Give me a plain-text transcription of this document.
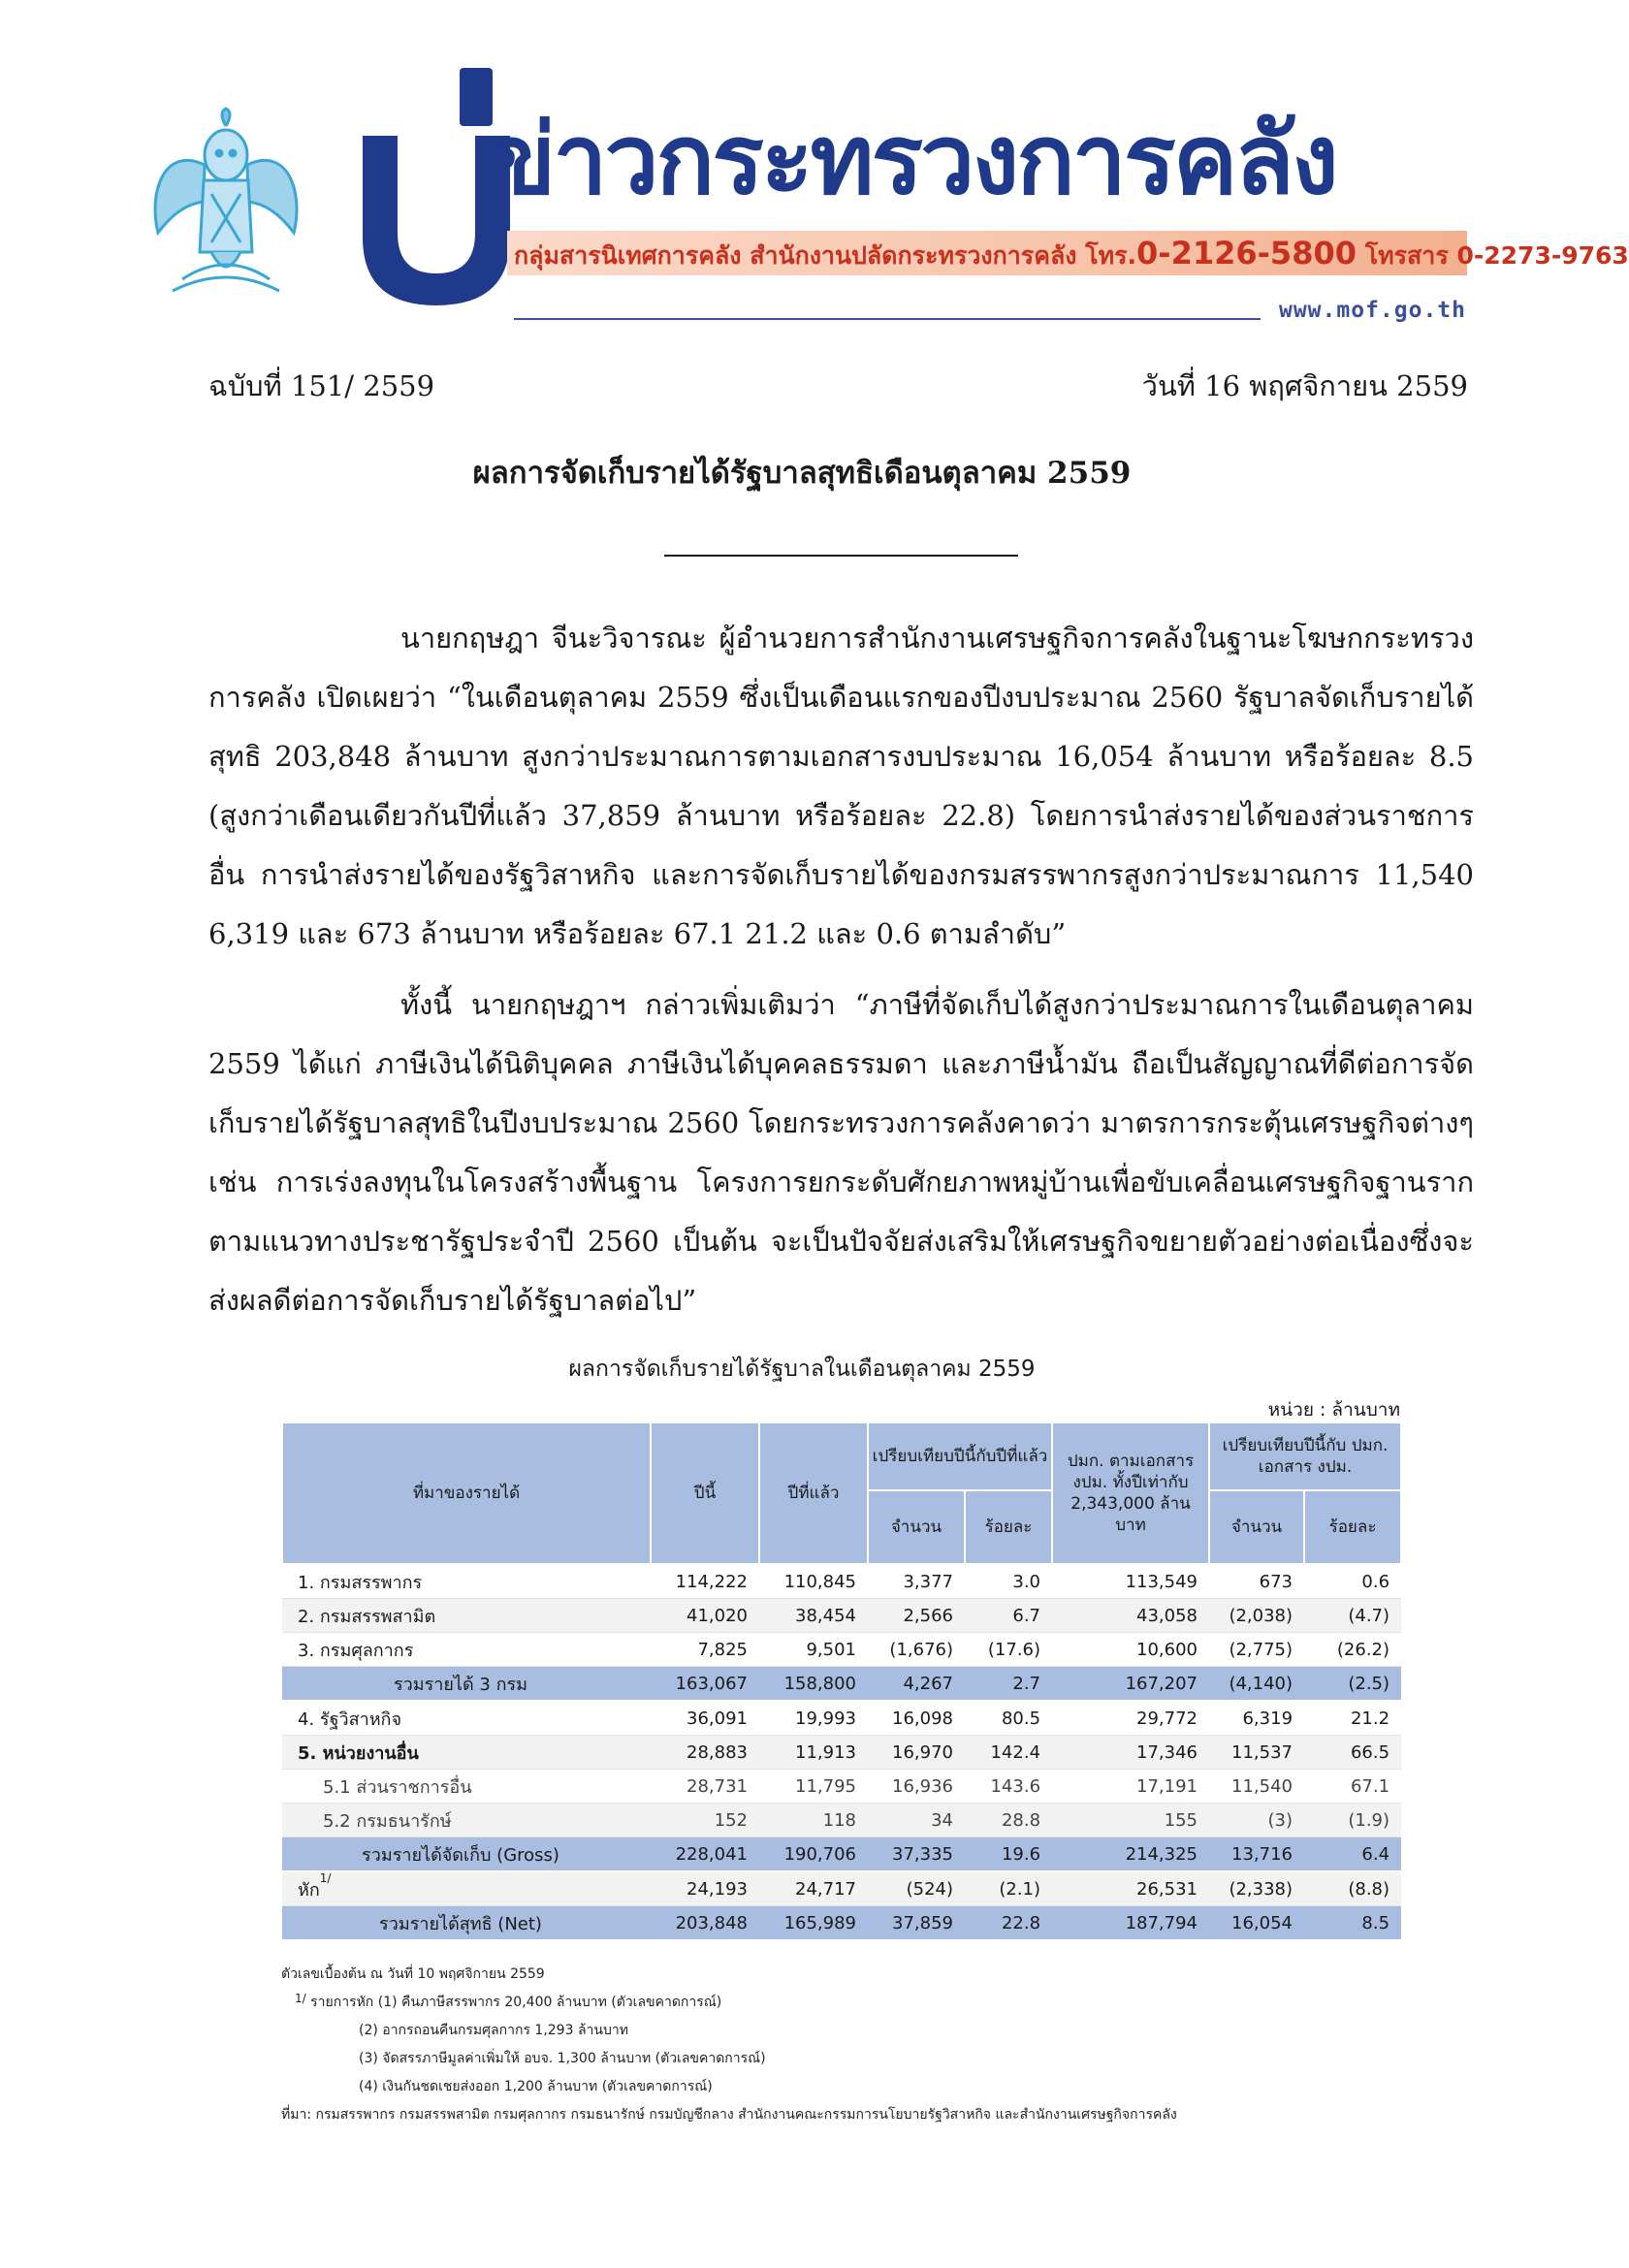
ข่าวกระทรวงการคลัง
กลุ่มสารนิเทศการคลัง สำนักงานปลัดกระทรวงการคลัง โทร.0-2126-5800 โทรสาร 0-2273-9763
www.mof.go.th
ฉบับที่ 151/ 2559	วันที่ 16 พฤศจิกายน 2559
ผลการจัดเก็บรายได้รัฐบาลสุทธิเดือนตุลาคม 2559

นายกฤษฎา จีนะวิจารณะ ผู้อำนวยการสำนักงานเศรษฐกิจการคลังในฐานะโฆษกกระทรวงการคลัง เปิดเผยว่า “ในเดือนตุลาคม 2559 ซึ่งเป็นเดือนแรกของปีงบประมาณ 2560 รัฐบาลจัดเก็บรายได้สุทธิ 203,848 ล้านบาท สูงกว่าประมาณการตามเอกสารงบประมาณ 16,054 ล้านบาท หรือร้อยละ 8.5 (สูงกว่าเดือนเดียวกันปีที่แล้ว 37,859 ล้านบาท หรือร้อยละ 22.8) โดยการนำส่งรายได้ของส่วนราชการอื่น การนำส่งรายได้ของรัฐวิสาหกิจ และการจัดเก็บรายได้ของกรมสรรพากรสูงกว่าประมาณการ 11,540 6,319 และ 673 ล้านบาท หรือร้อยละ 67.1 21.2 และ 0.6 ตามลำดับ”

ทั้งนี้ นายกฤษฎาฯ กล่าวเพิ่มเติมว่า “ภาษีที่จัดเก็บได้สูงกว่าประมาณการในเดือนตุลาคม 2559 ได้แก่ ภาษีเงินได้นิติบุคคล ภาษีเงินได้บุคคลธรรมดา และภาษีน้ำมัน ถือเป็นสัญญาณที่ดีต่อการจัดเก็บรายได้รัฐบาลสุทธิในปีงบประมาณ 2560 โดยกระทรวงการคลังคาดว่า มาตรการกระตุ้นเศรษฐกิจต่างๆ เช่น การเร่งลงทุนในโครงสร้างพื้นฐาน โครงการยกระดับศักยภาพหมู่บ้านเพื่อขับเคลื่อนเศรษฐกิจฐานรากตามแนวทางประชารัฐประจำปี 2560 เป็นต้น จะเป็นปัจจัยส่งเสริมให้เศรษฐกิจขยายตัวอย่างต่อเนื่องซึ่งจะส่งผลดีต่อการจัดเก็บรายได้รัฐบาลต่อไป”

ผลการจัดเก็บรายได้รัฐบาลในเดือนตุลาคม 2559
หน่วย : ล้านบาท
ที่มาของรายได้	ปีนี้	ปีที่แล้ว	เปรียบเทียบปีนี้กับปีที่แล้ว		ปมก. ตามเอกสาร งปม. ทั้งปีเท่ากับ 2,343,000 ล้านบาท	เปรียบเทียบปีนี้กับ ปมก. เอกสาร งปม.	
			จำนวน	ร้อยละ		จำนวน	ร้อยละ
1. กรมสรรพากร	114,222	110,845	3,377	3.0	113,549	673	0.6
2. กรมสรรพสามิต	41,020	38,454	2,566	6.7	43,058	(2,038)	(4.7)
3. กรมศุลกากร	7,825	9,501	(1,676)	(17.6)	10,600	(2,775)	(26.2)
รวมรายได้ 3 กรม	163,067	158,800	4,267	2.7	167,207	(4,140)	(2.5)
4. รัฐวิสาหกิจ	36,091	19,993	16,098	80.5	29,772	6,319	21.2
5. หน่วยงานอื่น	28,883	11,913	16,970	142.4	17,346	11,537	66.5
5.1 ส่วนราชการอื่น	28,731	11,795	16,936	143.6	17,191	11,540	67.1
5.2 กรมธนารักษ์	152	118	34	28.8	155	(3)	(1.9)
รวมรายได้จัดเก็บ (Gross)	228,041	190,706	37,335	19.6	214,325	13,716	6.4
หัก$^{1/}$	24,193	24,717	(524)	(2.1)	26,531	(2,338)	(8.8)
รวมรายได้สุทธิ (Net)	203,848	165,989	37,859	22.8	187,794	16,054	8.5
ตัวเลขเบื้องต้น ณ วันที่ 10 พฤศจิกายน 2559
$^{1/}$ รายการหัก (1) คืนภาษีสรรพากร 20,400 ล้านบาท (ตัวเลขคาดการณ์)
(2) อากรถอนคืนกรมศุลกากร 1,293 ล้านบาท
(3) จัดสรรภาษีมูลค่าเพิ่มให้ อบจ. 1,300 ล้านบาท (ตัวเลขคาดการณ์)
(4) เงินกันชดเชยส่งออก 1,200 ล้านบาท (ตัวเลขคาดการณ์)
ที่มา: กรมสรรพากร กรมสรรพสามิต กรมศุลกากร กรมธนารักษ์ กรมบัญชีกลาง สำนักงานคณะกรรมการนโยบายรัฐวิสาหกิจ และสำนักงานเศรษฐกิจการคลัง
